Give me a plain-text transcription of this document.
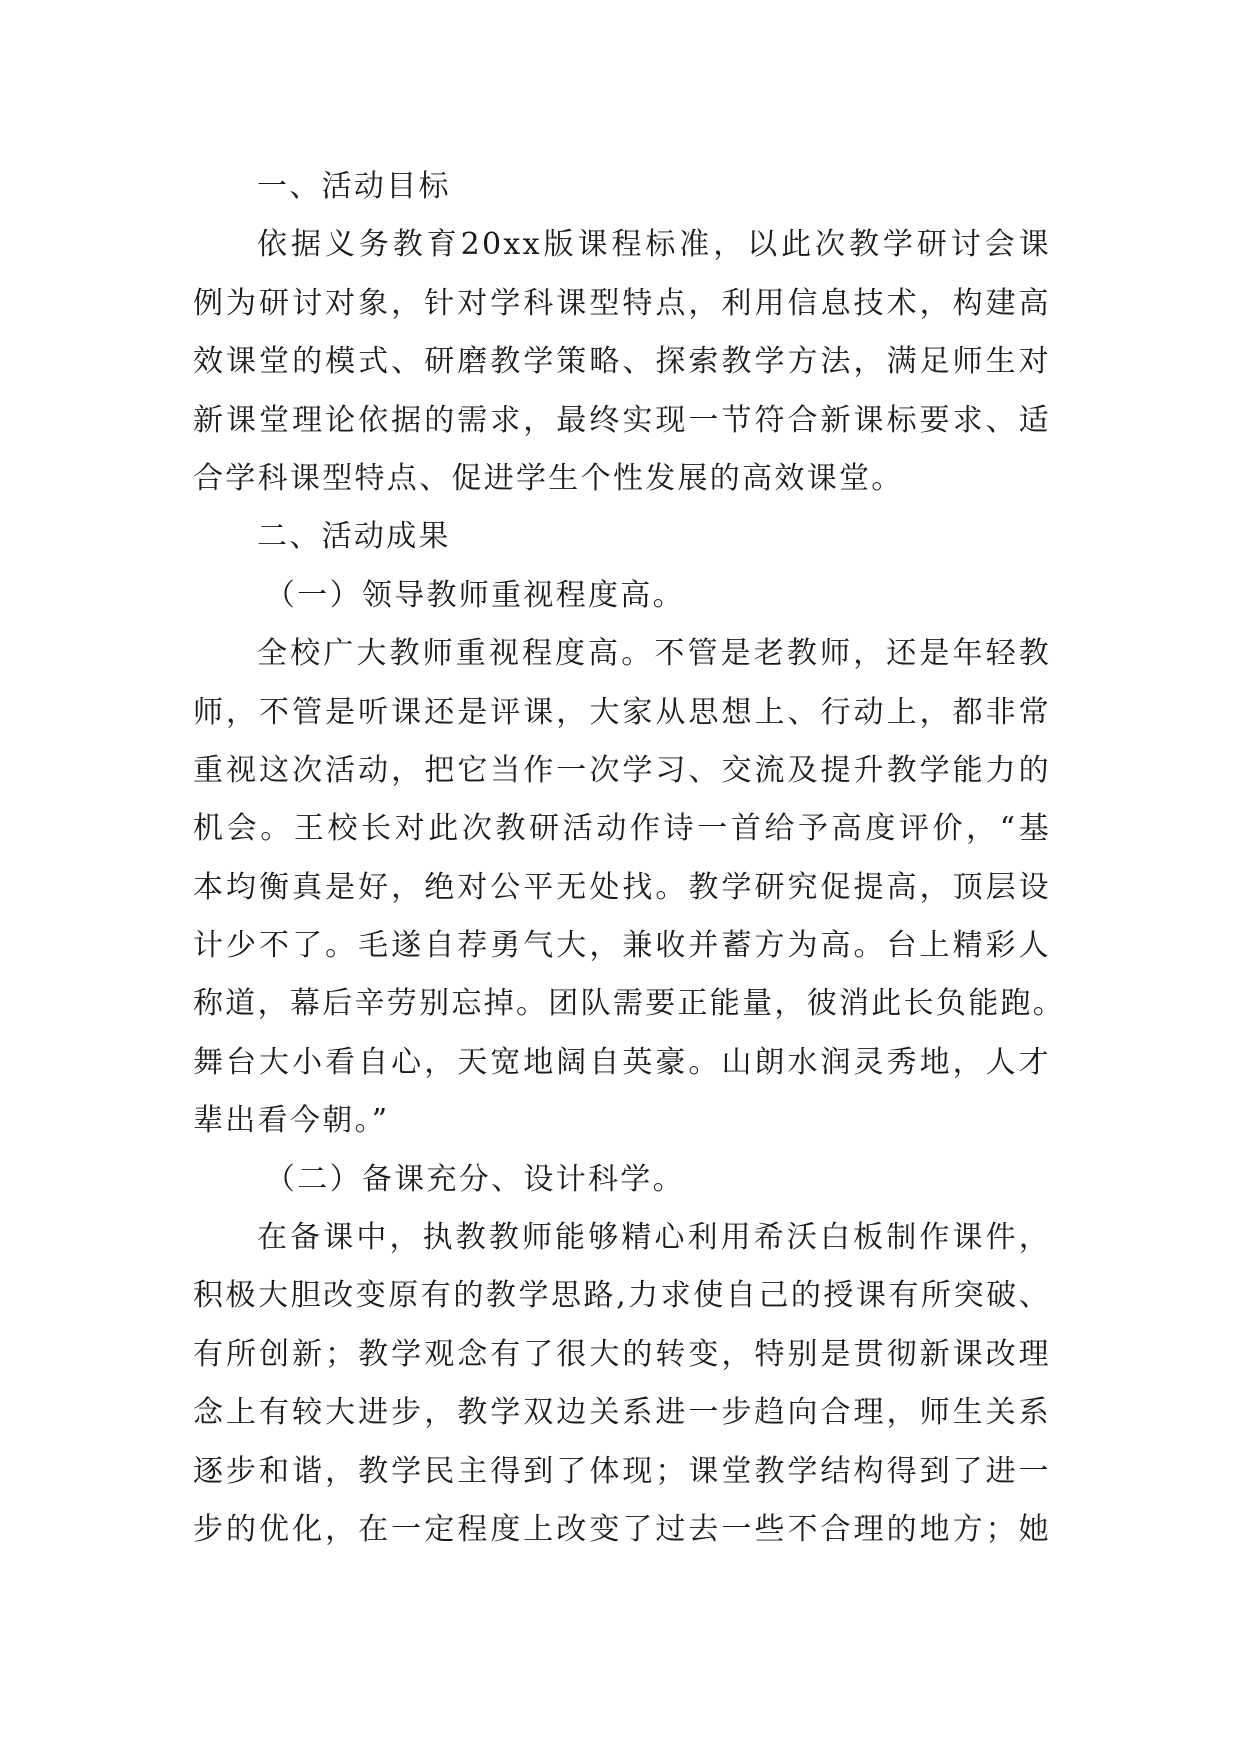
一、活动目标
依据义务教育20xx版课程标准，以此次教学研讨会课
例为研讨对象，针对学科课型特点，利用信息技术，构建高
效课堂的模式、研磨教学策略、探索教学方法，满足师生对
新课堂理论依据的需求，最终实现一节符合新课标要求、适
合学科课型特点、促进学生个性发展的高效课堂。
二、活动成果
（一）领导教师重视程度高。
全校广大教师重视程度高。不管是老教师，还是年轻教
师，不管是听课还是评课，大家从思想上、行动上，都非常
重视这次活动，把它当作一次学习、交流及提升教学能力的
机会。王校长对此次教研活动作诗一首给予高度评价，“基
本均衡真是好，绝对公平无处找。教学研究促提高，顶层设
计少不了。毛遂自荐勇气大，兼收并蓄方为高。台上精彩人
称道，幕后辛劳别忘掉。团队需要正能量，彼消此长负能跑。
舞台大小看自心，天宽地阔自英豪。山朗水润灵秀地，人才
辈出看今朝。”
（二）备课充分、设计科学。
在备课中，执教教师能够精心利用希沃白板制作课件，
积极大胆改变原有的教学思路,力求使自己的授课有所突破、
有所创新；教学观念有了很大的转变，特别是贯彻新课改理
念上有较大进步，教学双边关系进一步趋向合理，师生关系
逐步和谐，教学民主得到了体现；课堂教学结构得到了进一
步的优化，在一定程度上改变了过去一些不合理的地方；她
